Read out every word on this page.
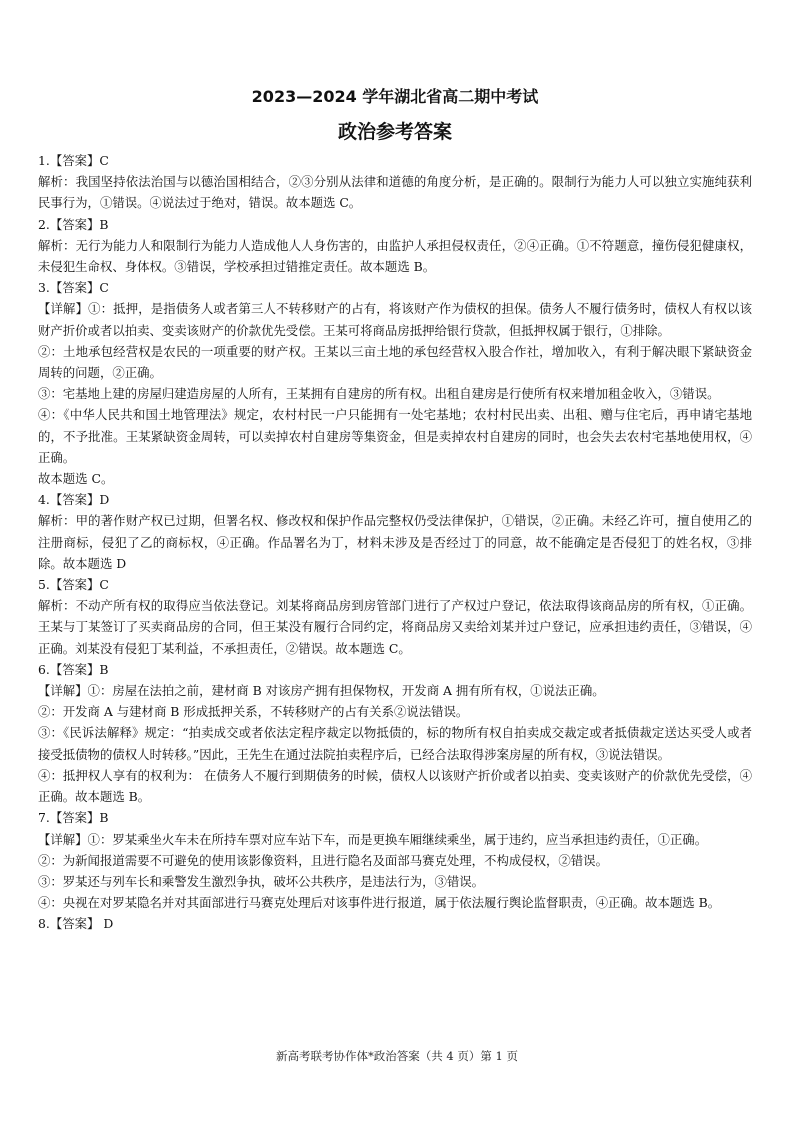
2023—2024 学年湖北省高二期中考试
政治参考答案

1.【答案】C

解析：我国坚持依法治国与以德治国相结合，②③分别从法律和道德的角度分析，是正确的。限制行为能力人可以独立实施纯获利民事行为，①错误。④说法过于绝对，错误。故本题选 C。

2.【答案】B

解析：无行为能力人和限制行为能力人造成他人人身伤害的，由监护人承担侵权责任，②④正确。①不符题意，撞伤侵犯健康权，未侵犯生命权、身体权。③错误，学校承担过错推定责任。故本题选 B。

3.【答案】C

【详解】①：抵押，是指债务人或者第三人不转移财产的占有，将该财产作为债权的担保。债务人不履行债务时，债权人有权以该财产折价或者以拍卖、变卖该财产的价款优先受偿。王某可将商品房抵押给银行贷款，但抵押权属于银行，①排除。

②：土地承包经营权是农民的一项重要的财产权。王某以三亩土地的承包经营权入股合作社，增加收入，有利于解决眼下紧缺资金周转的问题，②正确。

③：宅基地上建的房屋归建造房屋的人所有，王某拥有自建房的所有权。出租自建房是行使所有权来增加租金收入，③错误。

④：《中华人民共和国土地管理法》规定，农村村民一户只能拥有一处宅基地；农村村民出卖、出租、赠与住宅后，再申请宅基地的，不予批准。王某紧缺资金周转，可以卖掉农村自建房等集资金，但是卖掉农村自建房的同时，也会失去农村宅基地使用权，④正确。

故本题选 C。

4.【答案】D

解析：甲的著作财产权已过期，但署名权、修改权和保护作品完整权仍受法律保护，①错误，②正确。未经乙许可，擅自使用乙的注册商标，侵犯了乙的商标权，④正确。作品署名为丁，材料未涉及是否经过丁的同意，故不能确定是否侵犯丁的姓名权，③排除。故本题选 D

5.【答案】C

解析：不动产所有权的取得应当依法登记。刘某将商品房到房管部门进行了产权过户登记，依法取得该商品房的所有权，①正确。王某与丁某签订了买卖商品房的合同，但王某没有履行合同约定，将商品房又卖给刘某并过户登记，应承担违约责任，③错误，④正确。刘某没有侵犯丁某利益，不承担责任，②错误。故本题选 C。

6.【答案】B

【详解】①：房屋在法拍之前，建材商 B 对该房产拥有担保物权，开发商 A 拥有所有权，①说法正确。

②：开发商 A 与建材商 B 形成抵押关系，不转移财产的占有关系②说法错误。

③：《民诉法解释》规定：“拍卖成交或者依法定程序裁定以物抵债的，标的物所有权自拍卖成交裁定或者抵债裁定送达买受人或者接受抵债物的债权人时转移。”因此，王先生在通过法院拍卖程序后，已经合法取得涉案房屋的所有权，③说法错误。

④：抵押权人享有的权利为： 在债务人不履行到期债务的时候，债权人以该财产折价或者以拍卖、变卖该财产的价款优先受偿，④正确。故本题选 B。

7.【答案】B

【详解】①：罗某乘坐火车未在所持车票对应车站下车，而是更换车厢继续乘坐，属于违约，应当承担违约责任，①正确。

②：为新闻报道需要不可避免的使用该影像资料，且进行隐名及面部马赛克处理，不构成侵权，②错误。

③：罗某还与列车长和乘警发生激烈争执，破坏公共秩序，是违法行为，③错误。

④：央视在对罗某隐名并对其面部进行马赛克处理后对该事件进行报道，属于依法履行舆论监督职责，④正确。故本题选 B。

8.【答案】 D

新高考联考协作体*政治答案（共 4 页）第 1 页
